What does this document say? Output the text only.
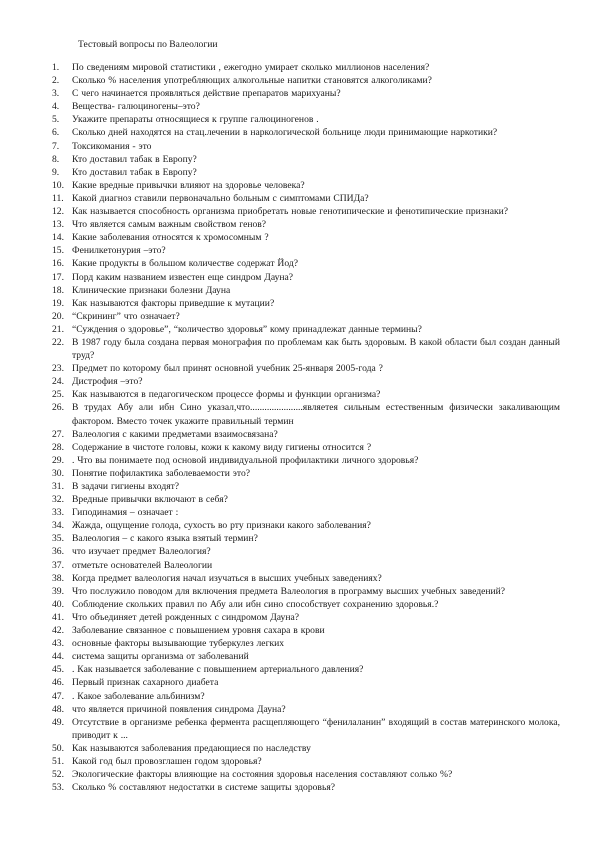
Тестовый вопросы по Валеологии
1. По сведениям мировой статистики , ежегодно умирает сколько миллионов населения?
2. Сколько % населения употребляющих алкогольные напитки становятся алкоголиками?
3. С чего начинается проявляться действие препаратов марихуаны?
4. Вещества- галюциногены–это?
5. Укажите препараты относящиеся к группе галюциногенов .
6. Сколько дней находятся на стац.лечении в наркологической больнице люди принимающие наркотики?
7. Токсикомания - это
8. Кто доставил табак в Европу?
9. Кто доставил табак в Европу?
10. Какие вредные привычки влияют на здоровье человека?
11. Какой диагноз ставили первоначально больным с симптомами СПИДа?
12. Как называется способность организма приобретать новые генотипические и фенотипические признаки?
13. Что является самым важным свойством генов?
14. Какие заболевания относятся к хромосомным ?
15. Фенилкетонурия –это?
16. Какие продукты в большом количестве содержат Йод?
17. Порд каким названием известен еще синдром Дауна?
18. Клинические признаки болезни Дауна
19. Как называются факторы приведшие к мутации?
20. “Скрининг” что означает?
21. “Суждения о здоровье”, “количество здоровья” кому принадлежат данные термины?
22. В 1987 году была создана первая монография по проблемам как быть здоровым. В какой области был создан данный труд?
23. Предмет по которому был принят основной учебник 25-января 2005-года ?
24. Дистрофия –это?
25. Как называются в педагогическом процессе формы и функции организма?
26. В трудах Абу али ибн Сино указал,что......................являетея сильным естественным физически закаливающим фактором. Вместо точек укажите правильный термин
27. Валеология с какими предметами взаимосвязана?
28. Содержание в чистоте головы, кожи к какому виду гигиены относится ?
29. . Что вы понимаете под основой индивидуальной профилактики личного здоровья?
30. Понятие пофилактика заболеваемости это?
31. В задачи гигиены входят?
32. Вредные привычки включают в себя?
33. Гиподинамия – означает :
34. Жажда, ощущение голода, сухость во рту признаки какого заболевания?
35. Валеология – с какого языка взятый термин?
36. что изучает предмет Валеология?
37. отметьте основателей Валеологии
38. Когда предмет валеология начал изучаться в высших учебных заведениях?
39. Что послужило поводом для включения предмета Валеология в программу высших учебных заведений?
40. Соблюдение скольких правил по Абу али ибн сино способствует сохранению здоровья.?
41. Что объединяет детей рожденных с синдромом Дауна?
42. Заболевание связанное с повышением уровня сахара в крови
43. основные факторы вызывающие туберкулез легких
44. система защиты организма от заболеваний
45. . Как называется заболевание с повышением артериального давления?
46. Первый признак сахарного диабета
47. . Какое заболевание альбинизм?
48. что является причиной появления синдрома Дауна?
49. Отсутствие в организме ребенка фермента расщепляющего “фенилаланин” входящий в состав материнского молока, приводит к ...
50. Как называются заболевания предающиеся по наследству
51. Какой год был провозглашен годом здоровья?
52. Экологические факторы влияющие на состояния здоровья населения составляют солько %?
53. Сколько % составляют недостатки в системе защиты здоровья?
